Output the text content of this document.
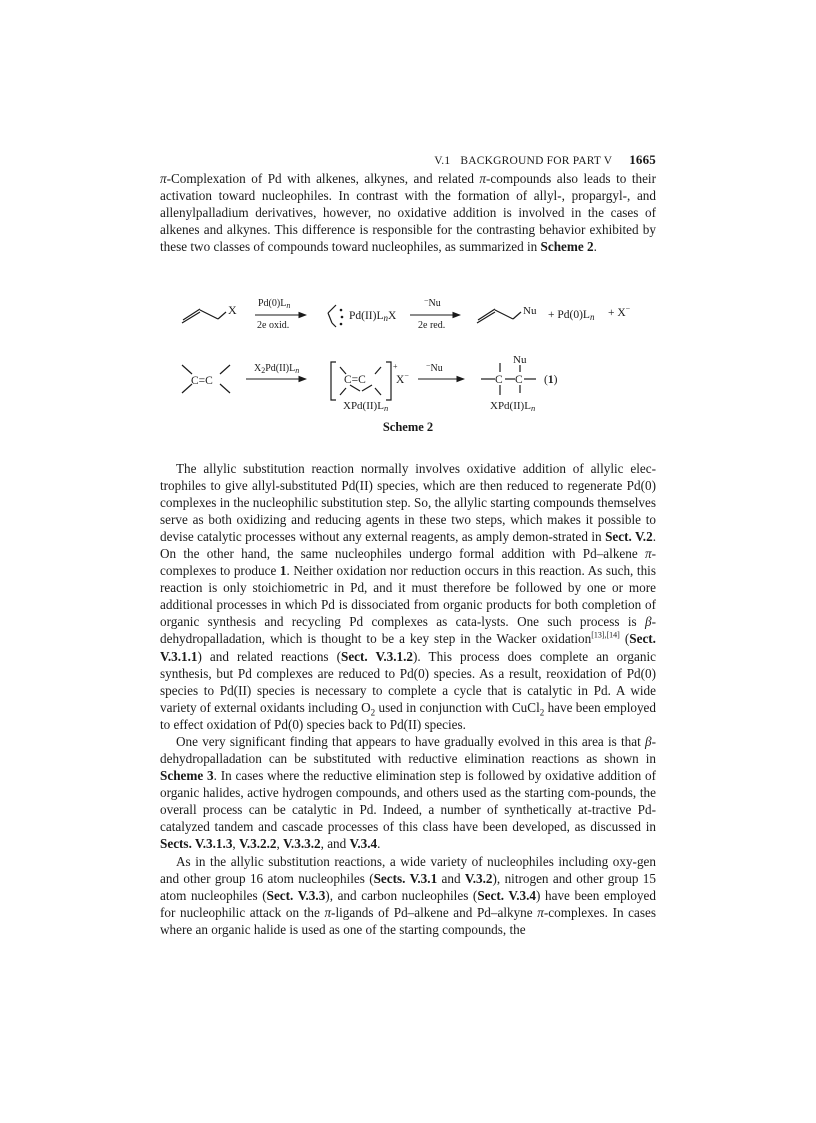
V.1 BACKGROUND FOR PART V 1665

π-Complexation of Pd with alkenes, alkynes, and related π-compounds also leads to their activation toward nucleophiles. In contrast with the formation of allyl-, propargyl-, and allenylpalladium derivatives, however, no oxidative addition is involved in the cases of alkenes and alkynes. This difference is responsible for the contrasting behavior exhibited by these two classes of compounds toward nucleophiles, as summarized in Scheme 2.

X $Pd(0)L_n$
2e oxid.
Pd(II)LnX
−Nu
2e red.
Nu + Pd(0)Ln + X−
C=C
$X_2Pd(II)L_n$
C=C
+
XPd(II)Ln
X−
−Nu
Nu
C C
XPd(II)Ln
(1)
Scheme 2

The allylic substitution reaction normally involves oxidative addition of allylic elec-trophiles to give allyl-substituted Pd(II) species, which are then reduced to regenerate Pd(0) complexes in the nucleophilic substitution step. So, the allylic starting compounds themselves serve as both oxidizing and reducing agents in these two steps, which makes it possible to devise catalytic processes without any external reagents, as amply demon-strated in Sect. V.2. On the other hand, the same nucleophiles undergo formal addition with Pd–alkene π-complexes to produce 1. Neither oxidation nor reduction occurs in this reaction. As such, this reaction is only stoichiometric in Pd, and it must therefore be followed by one or more additional processes in which Pd is dissociated from organic products for both completion of organic synthesis and recycling Pd complexes as cata-lysts. One such process is β-dehydropalladation, which is thought to be a key step in the Wacker oxidation[13],[14] (Sect. V.3.1.1) and related reactions (Sect. V.3.1.2). This process does complete an organic synthesis, but Pd complexes are reduced to Pd(0) species. As a result, reoxidation of Pd(0) species to Pd(II) species is necessary to complete a cycle that is catalytic in Pd. A wide variety of external oxidants including $O_2$ used in conjunction with CuCl$_2$ have been employed to effect oxidation of Pd(0) species back to Pd(II) species.

One very significant finding that appears to have gradually evolved in this area is that β-dehydropalladation can be substituted with reductive elimination reactions as shown in Scheme 3. In cases where the reductive elimination step is followed by oxidative addition of organic halides, active hydrogen compounds, and others used as the starting com-pounds, the overall process can be catalytic in Pd. Indeed, a number of synthetically at-tractive Pd-catalyzed tandem and cascade processes of this class have been developed, as discussed in Sects. V.3.1.3, V.3.2.2, V.3.3.2, and V.3.4.

As in the allylic substitution reactions, a wide variety of nucleophiles including oxy-gen and other group 16 atom nucleophiles (Sects. V.3.1 and V.3.2), nitrogen and other group 15 atom nucleophiles (Sect. V.3.3), and carbon nucleophiles (Sect. V.3.4) have been employed for nucleophilic attack on the π-ligands of Pd–alkene and Pd–alkyne π-complexes. In cases where an organic halide is used as one of the starting compounds, the
